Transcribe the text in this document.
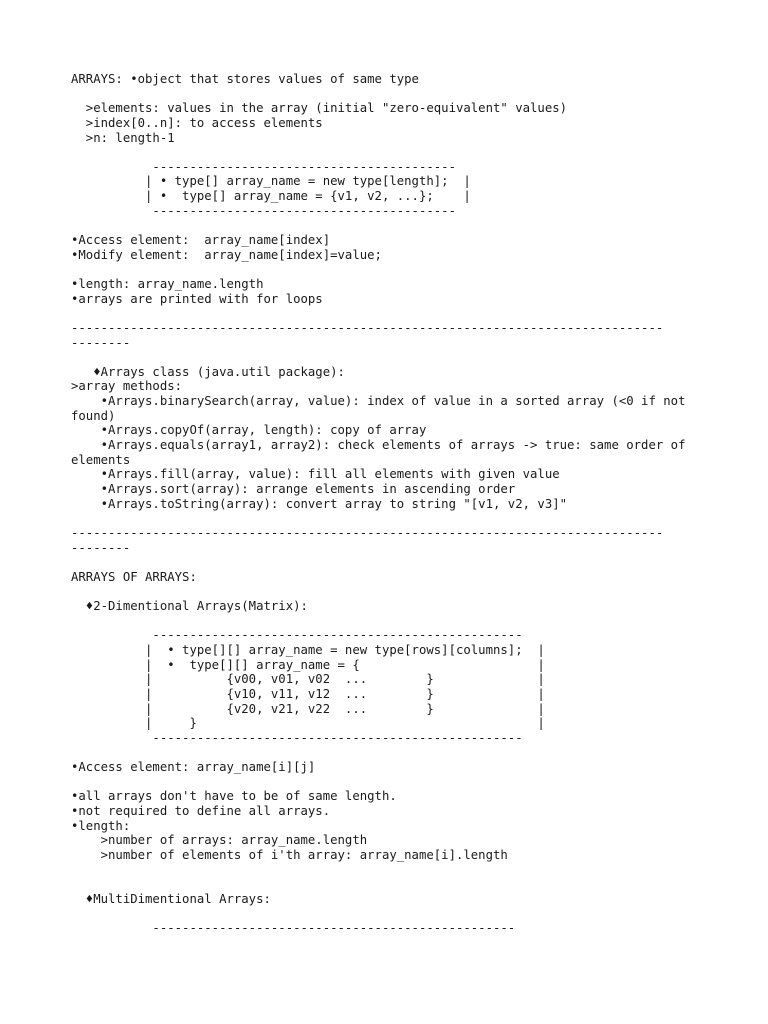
ARRAYS: •object that stores values of same type
>elements: values in the array (initial "zero-equivalent" values)
>index[0..n]: to access elements
>n: length-1
-----------------------------------------
| • type[] array_name = new type[length];  |
| •  type[] array_name = {v1, v2, ...};    |
-----------------------------------------
•Access element:  array_name[index]
•Modify element:  array_name[index]=value;
•length: array_name.length
•arrays are printed with for loops
--------------------------------------------------------------------------------
--------
♦Arrays class (java.util package):
>array methods:
•Arrays.binarySearch(array, value): index of value in a sorted array (<0 if not
found)
•Arrays.copyOf(array, length): copy of array
•Arrays.equals(array1, array2): check elements of arrays -> true: same order of
elements
•Arrays.fill(array, value): fill all elements with given value
•Arrays.sort(array): arrange elements in ascending order
•Arrays.toString(array): convert array to string "[v1, v2, v3]"
--------------------------------------------------------------------------------
--------
ARRAYS OF ARRAYS:
♦2-Dimentional Arrays(Matrix):
--------------------------------------------------
|  • type[][] array_name = new type[rows][columns];  |
|  •  type[][] array_name = {                        |
|          {v00, v01, v02  ...        }              |
|          {v10, v11, v12  ...        }              |
|          {v20, v21, v22  ...        }              |
|     }                                              |
--------------------------------------------------
•Access element: array_name[i][j]
•all arrays don't have to be of same length.
•not required to define all arrays.
•length:
>number of arrays: array_name.length
>number of elements of i'th array: array_name[i].length
♦MultiDimentional Arrays:
-------------------------------------------------
